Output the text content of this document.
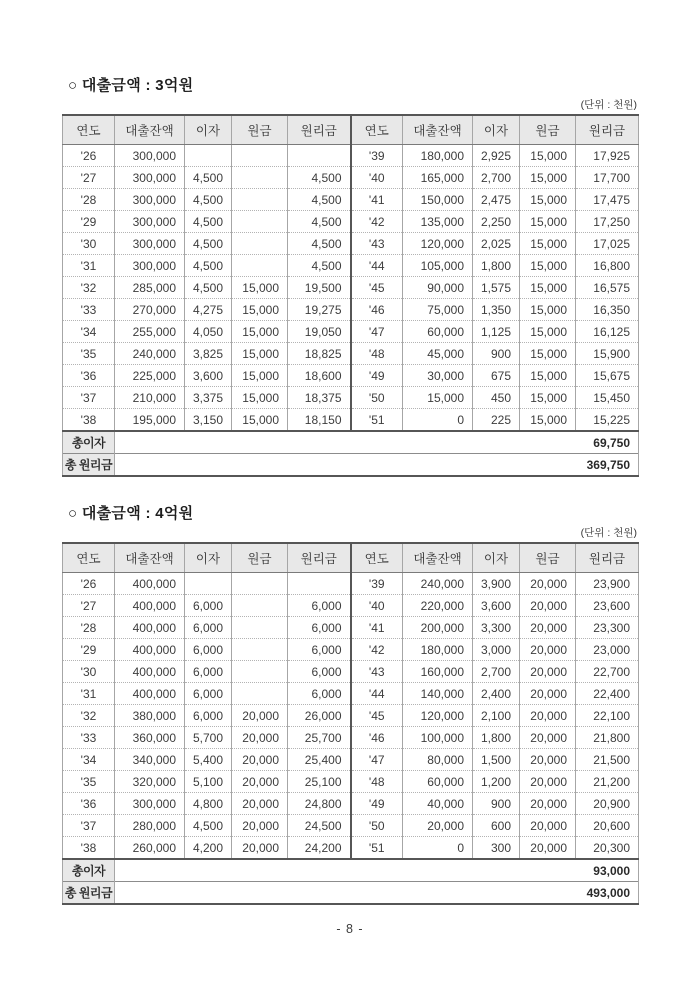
○ 대출금액 : 3억원
(단위 : 천원)
연도	대출잔액	이자	원금	원리금	연도	대출잔액	이자	원금	원리금
'26	300,000				'39	180,000	2,925	15,000	17,925
'27	300,000	4,500		4,500	'40	165,000	2,700	15,000	17,700
'28	300,000	4,500		4,500	'41	150,000	2,475	15,000	17,475
'29	300,000	4,500		4,500	'42	135,000	2,250	15,000	17,250
'30	300,000	4,500		4,500	'43	120,000	2,025	15,000	17,025
'31	300,000	4,500		4,500	'44	105,000	1,800	15,000	16,800
'32	285,000	4,500	15,000	19,500	'45	90,000	1,575	15,000	16,575
'33	270,000	4,275	15,000	19,275	'46	75,000	1,350	15,000	16,350
'34	255,000	4,050	15,000	19,050	'47	60,000	1,125	15,000	16,125
'35	240,000	3,825	15,000	18,825	'48	45,000	900	15,000	15,900
'36	225,000	3,600	15,000	18,600	'49	30,000	675	15,000	15,675
'37	210,000	3,375	15,000	18,375	'50	15,000	450	15,000	15,450
'38	195,000	3,150	15,000	18,150	'51	0	225	15,000	15,225
총이자	69,750								
총 원리금	369,750								
○ 대출금액 : 4억원
(단위 : 천원)
연도	대출잔액	이자	원금	원리금	연도	대출잔액	이자	원금	원리금
'26	400,000				'39	240,000	3,900	20,000	23,900
'27	400,000	6,000		6,000	'40	220,000	3,600	20,000	23,600
'28	400,000	6,000		6,000	'41	200,000	3,300	20,000	23,300
'29	400,000	6,000		6,000	'42	180,000	3,000	20,000	23,000
'30	400,000	6,000		6,000	'43	160,000	2,700	20,000	22,700
'31	400,000	6,000		6,000	'44	140,000	2,400	20,000	22,400
'32	380,000	6,000	20,000	26,000	'45	120,000	2,100	20,000	22,100
'33	360,000	5,700	20,000	25,700	'46	100,000	1,800	20,000	21,800
'34	340,000	5,400	20,000	25,400	'47	80,000	1,500	20,000	21,500
'35	320,000	5,100	20,000	25,100	'48	60,000	1,200	20,000	21,200
'36	300,000	4,800	20,000	24,800	'49	40,000	900	20,000	20,900
'37	280,000	4,500	20,000	24,500	'50	20,000	600	20,000	20,600
'38	260,000	4,200	20,000	24,200	'51	0	300	20,000	20,300
총이자	93,000								
총 원리금	493,000								
- 8 -
